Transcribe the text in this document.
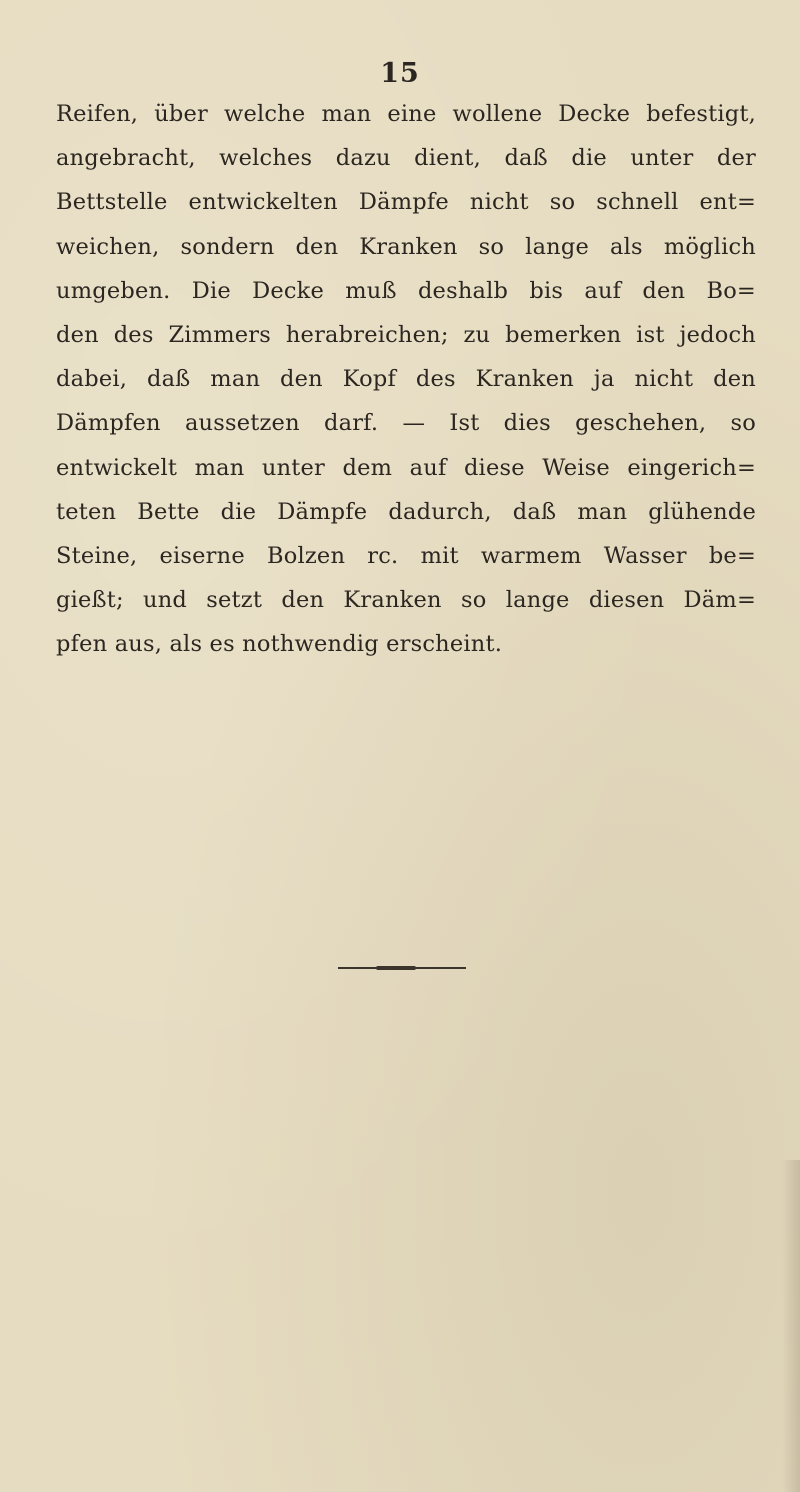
15
Reifen, über welche man eine wollene Decke befestigt,
angebracht, welches dazu dient, daß die unter der
Bettstelle entwickelten Dämpfe nicht so schnell ent=
weichen, sondern den Kranken so lange als möglich
umgeben. Die Decke muß deshalb bis auf den Bo=
den des Zimmers herabreichen; zu bemerken ist jedoch
dabei, daß man den Kopf des Kranken ja nicht den
Dämpfen aussetzen darf. — Ist dies geschehen, so
entwickelt man unter dem auf diese Weise eingerich=
teten Bette die Dämpfe dadurch, daß man glühende
Steine, eiserne Bolzen rc. mit warmem Wasser be=
gießt; und setzt den Kranken so lange diesen Däm=
pfen aus, als es nothwendig erscheint.
